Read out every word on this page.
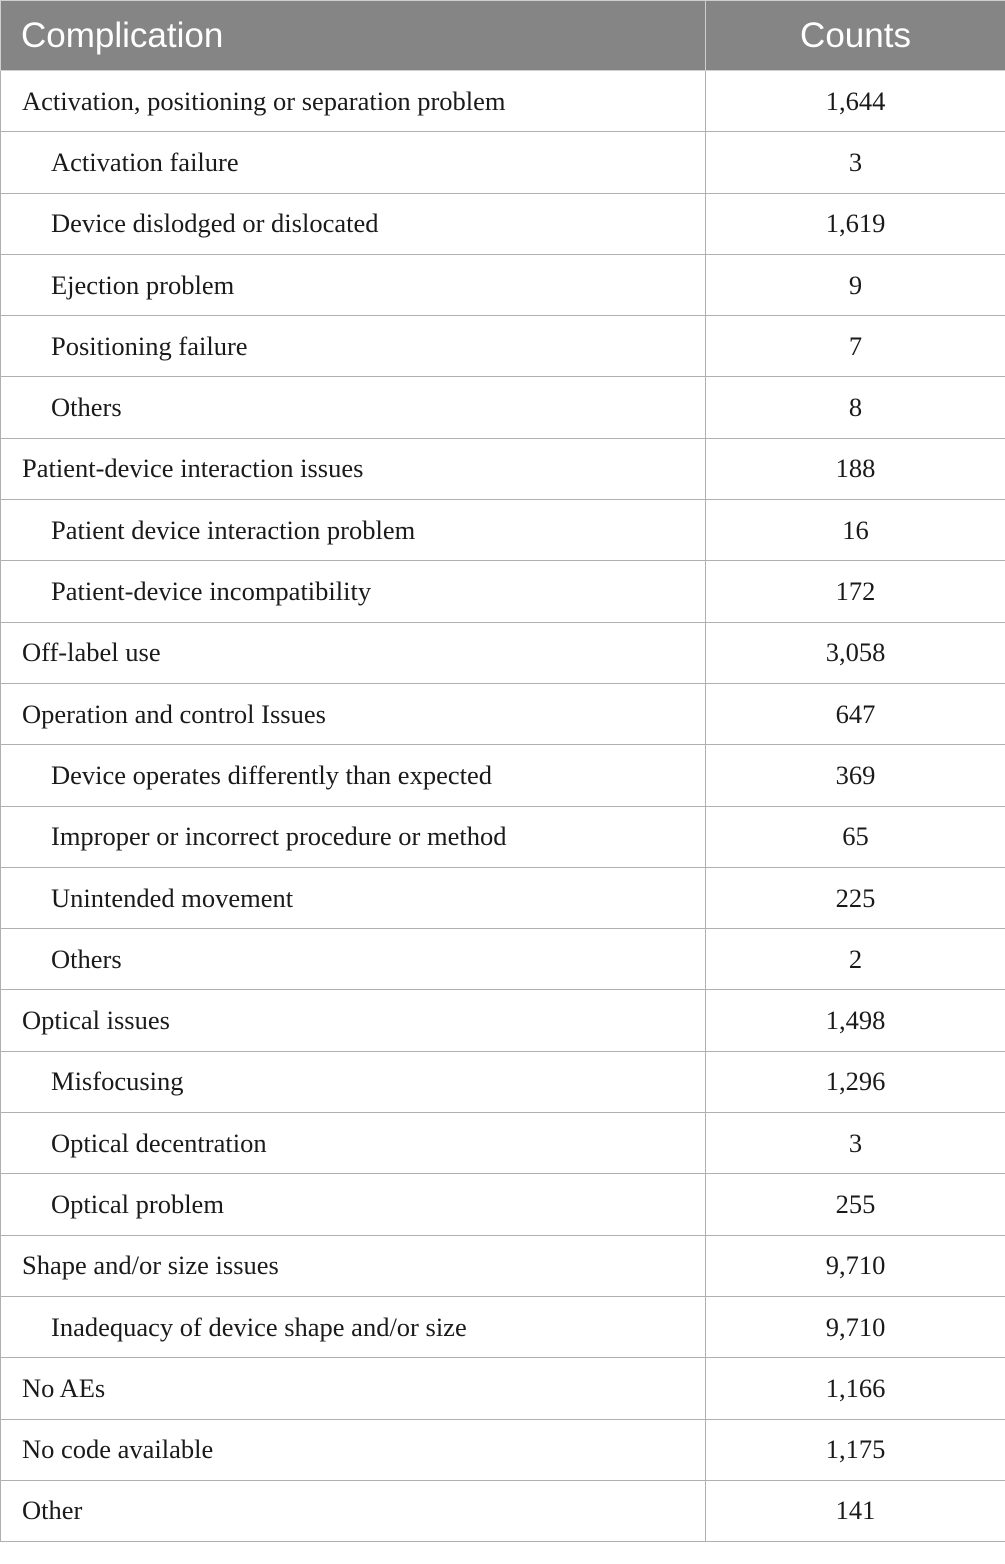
Complication	Counts
Activation, positioning or separation problem	1,644
Activation failure	3
Device dislodged or dislocated	1,619
Ejection problem	9
Positioning failure	7
Others	8
Patient-device interaction issues	188
Patient device interaction problem	16
Patient-device incompatibility	172
Off-label use	3,058
Operation and control Issues	647
Device operates differently than expected	369
Improper or incorrect procedure or method	65
Unintended movement	225
Others	2
Optical issues	1,498
Misfocusing	1,296
Optical decentration	3
Optical problem	255
Shape and/or size issues	9,710
Inadequacy of device shape and/or size	9,710
No AEs	1,166
No code available	1,175
Other	141
